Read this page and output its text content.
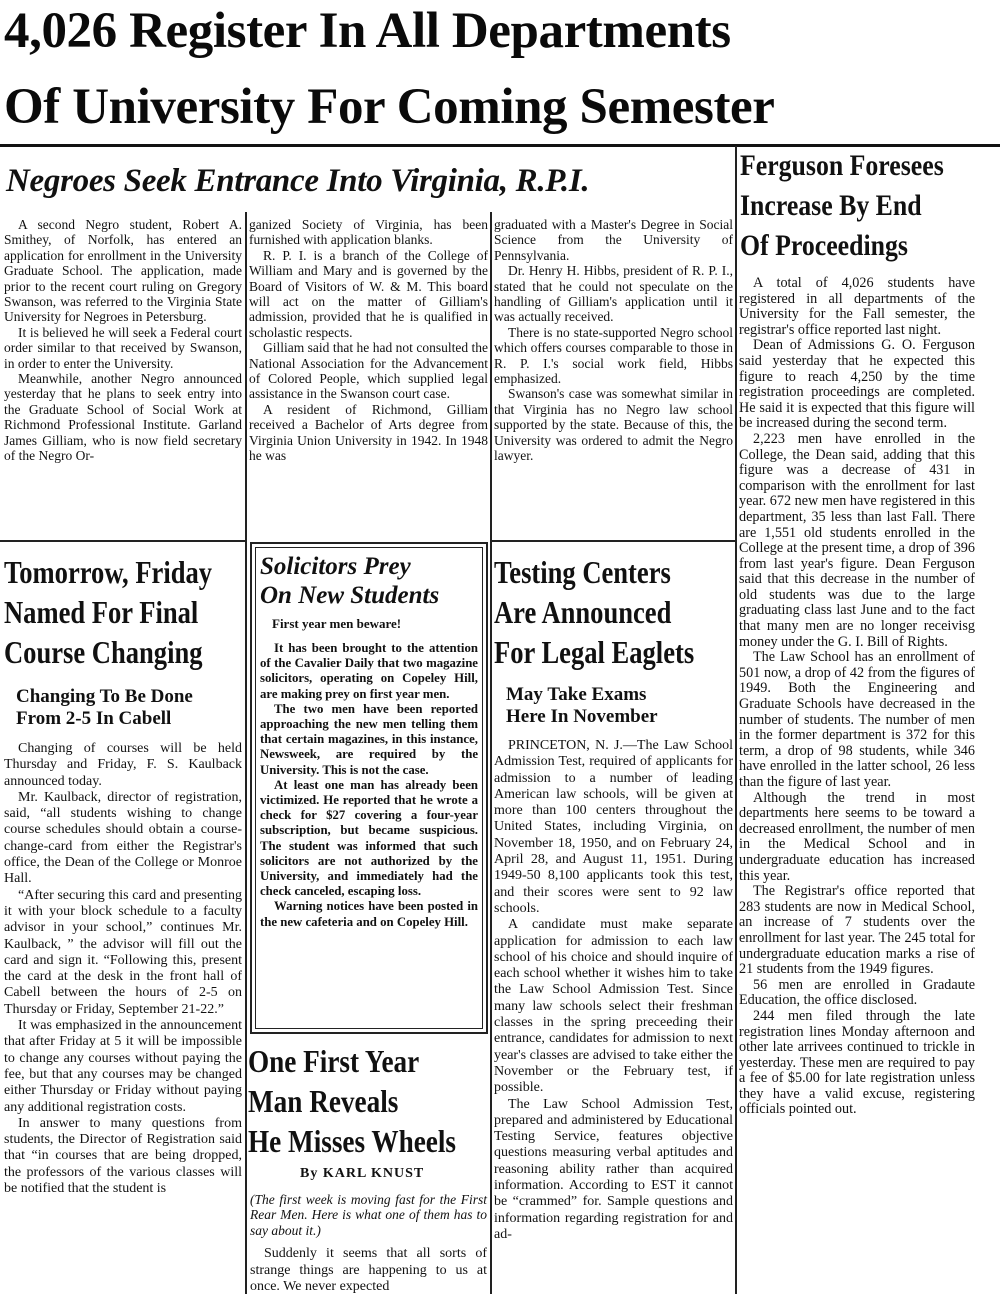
4,026 Register In All Departments
Of University For Coming Semester
Negroes Seek Entrance Into Virginia, R.P.I.

A second Negro student, Robert A. Smithey, of Norfolk, has entered an application for enrollment in the University Graduate School. The application, made prior to the recent court ruling on Gregory Swanson, was referred to the Virginia State University for Negroes in Petersburg.

It is believed he will seek a Federal court order similar to that received by Swanson, in order to enter the University.

Meanwhile, another Negro announced yesterday that he plans to seek entry into the Graduate School of Social Work at Richmond Professional Institute. Garland James Gilliam, who is now field secretary of the Negro Or-

ganized Society of Virginia, has been furnished with application blanks.

R. P. I. is a branch of the College of William and Mary and is governed by the Board of Visitors of W. & M. This board will act on the matter of Gilliam's admission, provided that he is qualified in scholastic respects.

Gilliam said that he had not consulted the National Association for the Advancement of Colored People, which supplied legal assistance in the Swanson court case.

A resident of Richmond, Gilliam received a Bachelor of Arts degree from Virginia Union University in 1942. In 1948 he was

graduated with a Master's Degree in Social Science from the University of Pennsylvania.

Dr. Henry H. Hibbs, president of R. P. I., stated that he could not speculate on the handling of Gilliam's application until it was actually received.

There is no state-supported Negro school which offers courses comparable to those in R. P. I.'s social work field, Hibbs emphasized.

Swanson's case was somewhat similar in that Virginia has no Negro law school supported by the state. Because of this, the University was ordered to admit the Negro lawyer.

Ferguson Foresees
Increase By End
Of Proceedings

A total of 4,026 students have registered in all departments of the University for the Fall semester, the registrar's office reported last night.

Dean of Admissions G. O. Ferguson said yesterday that he expected this figure to reach 4,250 by the time registration proceedings are completed. He said it is expected that this figure will be increased during the second term.

2,223 men have enrolled in the College, the Dean said, adding that this figure was a decrease of 431 in comparison with the enrollment for last year. 672 new men have registered in this department, 35 less than last Fall. There are 1,551 old students enrolled in the College at the present time, a drop of 396 from last year's figure. Dean Ferguson said that this decrease in the number of old students was due to the large graduating class last June and to the fact that many men are no longer receivisg money under the G. I. Bill of Rights.

The Law School has an enrollment of 501 now, a drop of 42 from the figures of 1949. Both the Engineering and Graduate Schools have decreased in the number of students. The number of men in the former department is 372 for this term, a drop of 98 students, while 346 have enrolled in the latter school, 26 less than the figure of last year.

Although the trend in most departments here seems to be toward a decreased enrollment, the number of men in the Medical School and in undergraduate education has increased this year.

The Registrar's office reported that 283 students are now in Medical School, an increase of 7 students over the enrollment for last year. The 245 total for undergraduate education marks a rise of 21 students from the 1949 figures.

56 men are enrolled in Gradaute Education, the office disclosed.

244 men filed through the late registration lines Monday afternoon and other late arrivees continued to trickle in yesterday. These men are required to pay a fee of $5.00 for late registration unless they have a valid excuse, registering officials pointed out.

Tomorrow, Friday
Named For Final
Course Changing
Changing To Be Done
From 2-5 In Cabell

Changing of courses will be held Thursday and Friday, F. S. Kaulback announced today.

Mr. Kaulback, director of registration, said, “all students wishing to change course schedules should obtain a course-change-card from either the Registrar's office, the Dean of the College or Monroe Hall.

“After securing this card and presenting it with your block schedule to a faculty advisor in your school,” continues Mr. Kaulback, ” the advisor will fill out the card and sign it. “Following this, present the card at the desk in the front hall of Cabell between the hours of 2-5 on Thursday or Friday, September 21-22.”

It was emphasized in the announcement that after Friday at 5 it will be impossible to change any courses without paying the fee, but that any courses may be changed either Thursday or Friday without paying any additional registration costs.

In answer to many questions from students, the Director of Registration said that “in courses that are being dropped, the professors of the various classes will be notified that the student is

Solicitors Prey
On New Students
First year men beware!

It has been brought to the attention of the Cavalier Daily that two magazine solicitors, operating on Copeley Hill, are making prey on first year men.

The two men have been reported approaching the new men telling them that certain magazines, in this instance, Newsweek, are required by the University. This is not the case.

At least one man has already been victimized. He reported that he wrote a check for $27 covering a four-year subscription, but became suspicious. The student was informed that such solicitors are not authorized by the University, and immediately had the check canceled, escaping loss.

Warning notices have been posted in the new cafeteria and on Copeley Hill.

One First Year
Man Reveals
He Misses Wheels
By KARL KNUST
(The first week is moving fast for the First Rear Men. Here is what one of them has to say about it.)

Suddenly it seems that all sorts of strange things are happening to us at once. We never expected

Testing Centers
Are Announced
For Legal Eaglets
May Take Exams
Here In November

PRINCETON, N. J.—The Law School Admission Test, required of applicants for admission to a number of leading American law schools, will be given at more than 100 centers throughout the United States, including Virginia, on November 18, 1950, and on February 24, April 28, and August 11, 1951. During 1949-50 8,100 applicants took this test, and their scores were sent to 92 law schools.

A candidate must make separate application for admission to each law school of his choice and should inquire of each school whether it wishes him to take the Law School Admission Test. Since many law schools select their freshman classes in the spring preceeding their entrance, candidates for admission to next year's classes are advised to take either the November or the February test, if possible.

The Law School Admission Test, prepared and administered by Educational Testing Service, features objective questions measuring verbal aptitudes and reasoning ability rather than acquired information. According to EST it cannot be “crammed” for. Sample questions and information regarding registration for and ad-
